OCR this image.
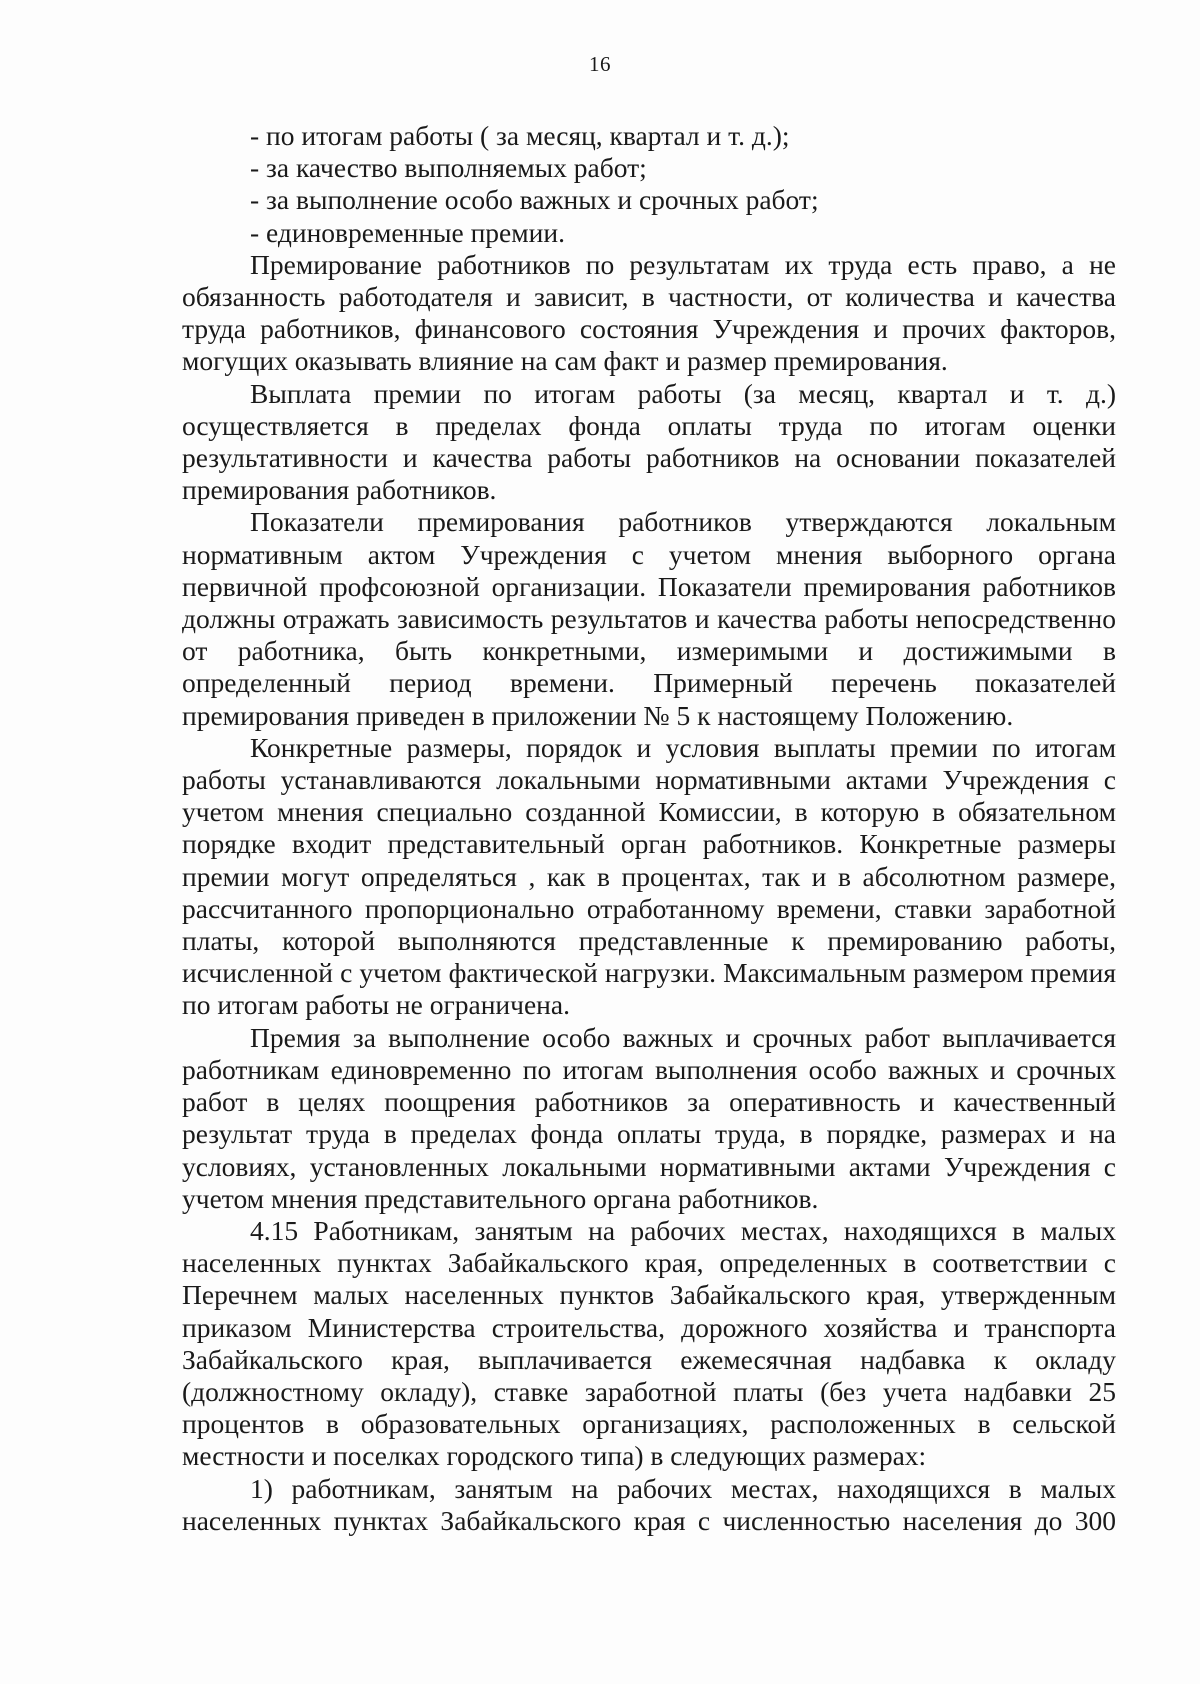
16
- по итогам работы ( за месяц, квартал и т. д.);
- за качество выполняемых работ;
- за выполнение особо важных и срочных работ;
- единовременные премии.

Премирование работников по результатам их труда есть право, а не обязанность работодателя и зависит, в частности, от количества и качества труда работников, финансового состояния Учреждения и прочих факторов, могущих оказывать влияние на сам факт и размер премирования.

Выплата премии по итогам работы (за месяц, квартал и т. д.) осуществляется в пределах фонда оплаты труда по итогам оценки результативности и качества работы работников на основании показателей премирования работников.

Показатели премирования работников утверждаются локальным нормативным актом Учреждения с учетом мнения выборного органа первичной профсоюзной организации. Показатели премирования работников должны отражать зависимость результатов и качества работы непосредственно от работника, быть конкретными, измеримыми и достижимыми в определенный период времени. Примерный перечень показателей премирования приведен в приложении № 5 к настоящему Положению.

Конкретные размеры, порядок и условия выплаты премии по итогам работы устанавливаются локальными нормативными актами Учреждения с учетом мнения специально созданной Комиссии, в которую в обязательном порядке входит представительный орган работников. Конкретные размеры премии могут определяться , как в процентах, так и в абсолютном размере, рассчитанного пропорционально отработанному времени, ставки заработной платы, которой выполняются представленные к премированию работы, исчисленной с учетом фактической нагрузки. Максимальным размером премия по итогам работы не ограничена.

Премия за выполнение особо важных и срочных работ выплачивается работникам единовременно по итогам выполнения особо важных и срочных работ в целях поощрения работников за оперативность и качественный результат труда в пределах фонда оплаты труда, в порядке, размерах и на условиях, установленных локальными нормативными актами Учреждения с учетом мнения представительного органа работников.

4.15 Работникам, занятым на рабочих местах, находящихся в малых населенных пунктах Забайкальского края, определенных в соответствии с Перечнем малых населенных пунктов Забайкальского края, утвержденным приказом Министерства строительства, дорожного хозяйства и транспорта Забайкальского края, выплачивается ежемесячная надбавка к окладу (должностному окладу), ставке заработной платы (без учета надбавки 25 процентов в образовательных организациях, расположенных в сельской местности и поселках городского типа) в следующих размерах:

1) работникам, занятым на рабочих местах, находящихся в малых населенных пунктах Забайкальского края с численностью населения до 300
